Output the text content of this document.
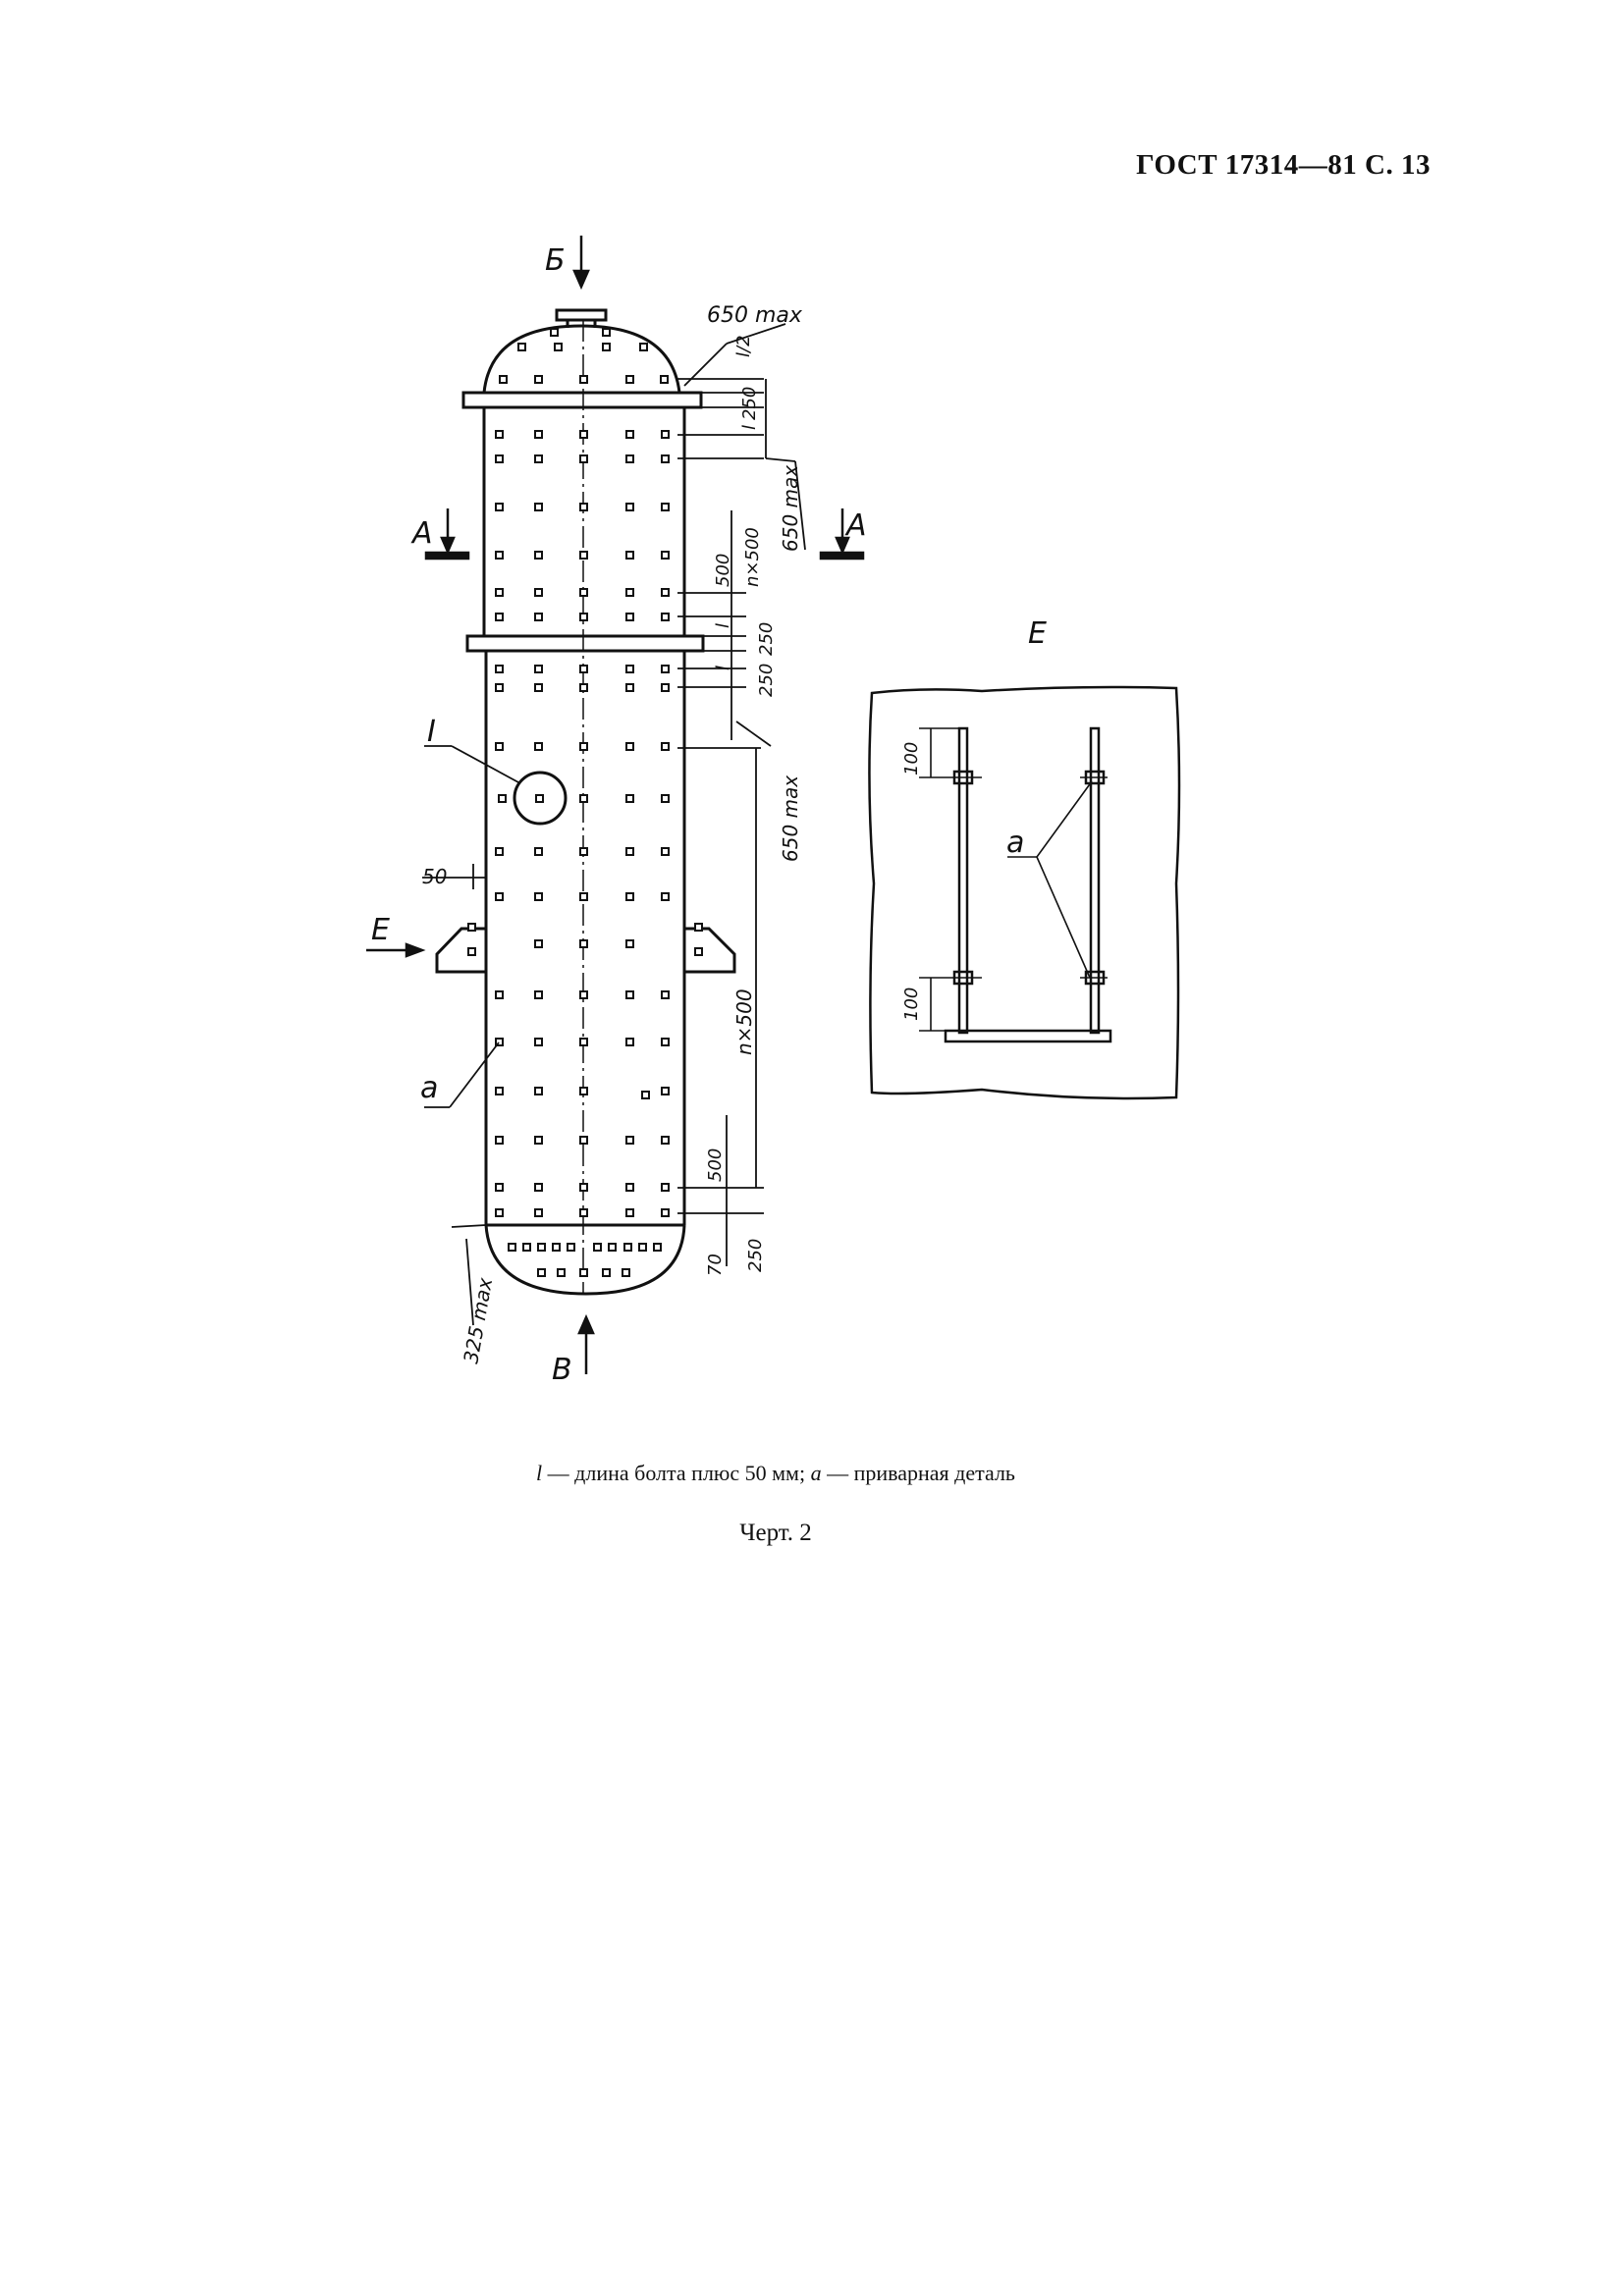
ГОСТ 17314—81 С. 13
Б
В
А	А
Е
Е
I
а
а
650 max
50
l/2
250
l
650 max
n×500
500
l 250
l 250
650 max
n×500
500
70 250
325 max
100
100
l — длина болта плюс 50 мм; а — приварная деталь
Черт. 2
